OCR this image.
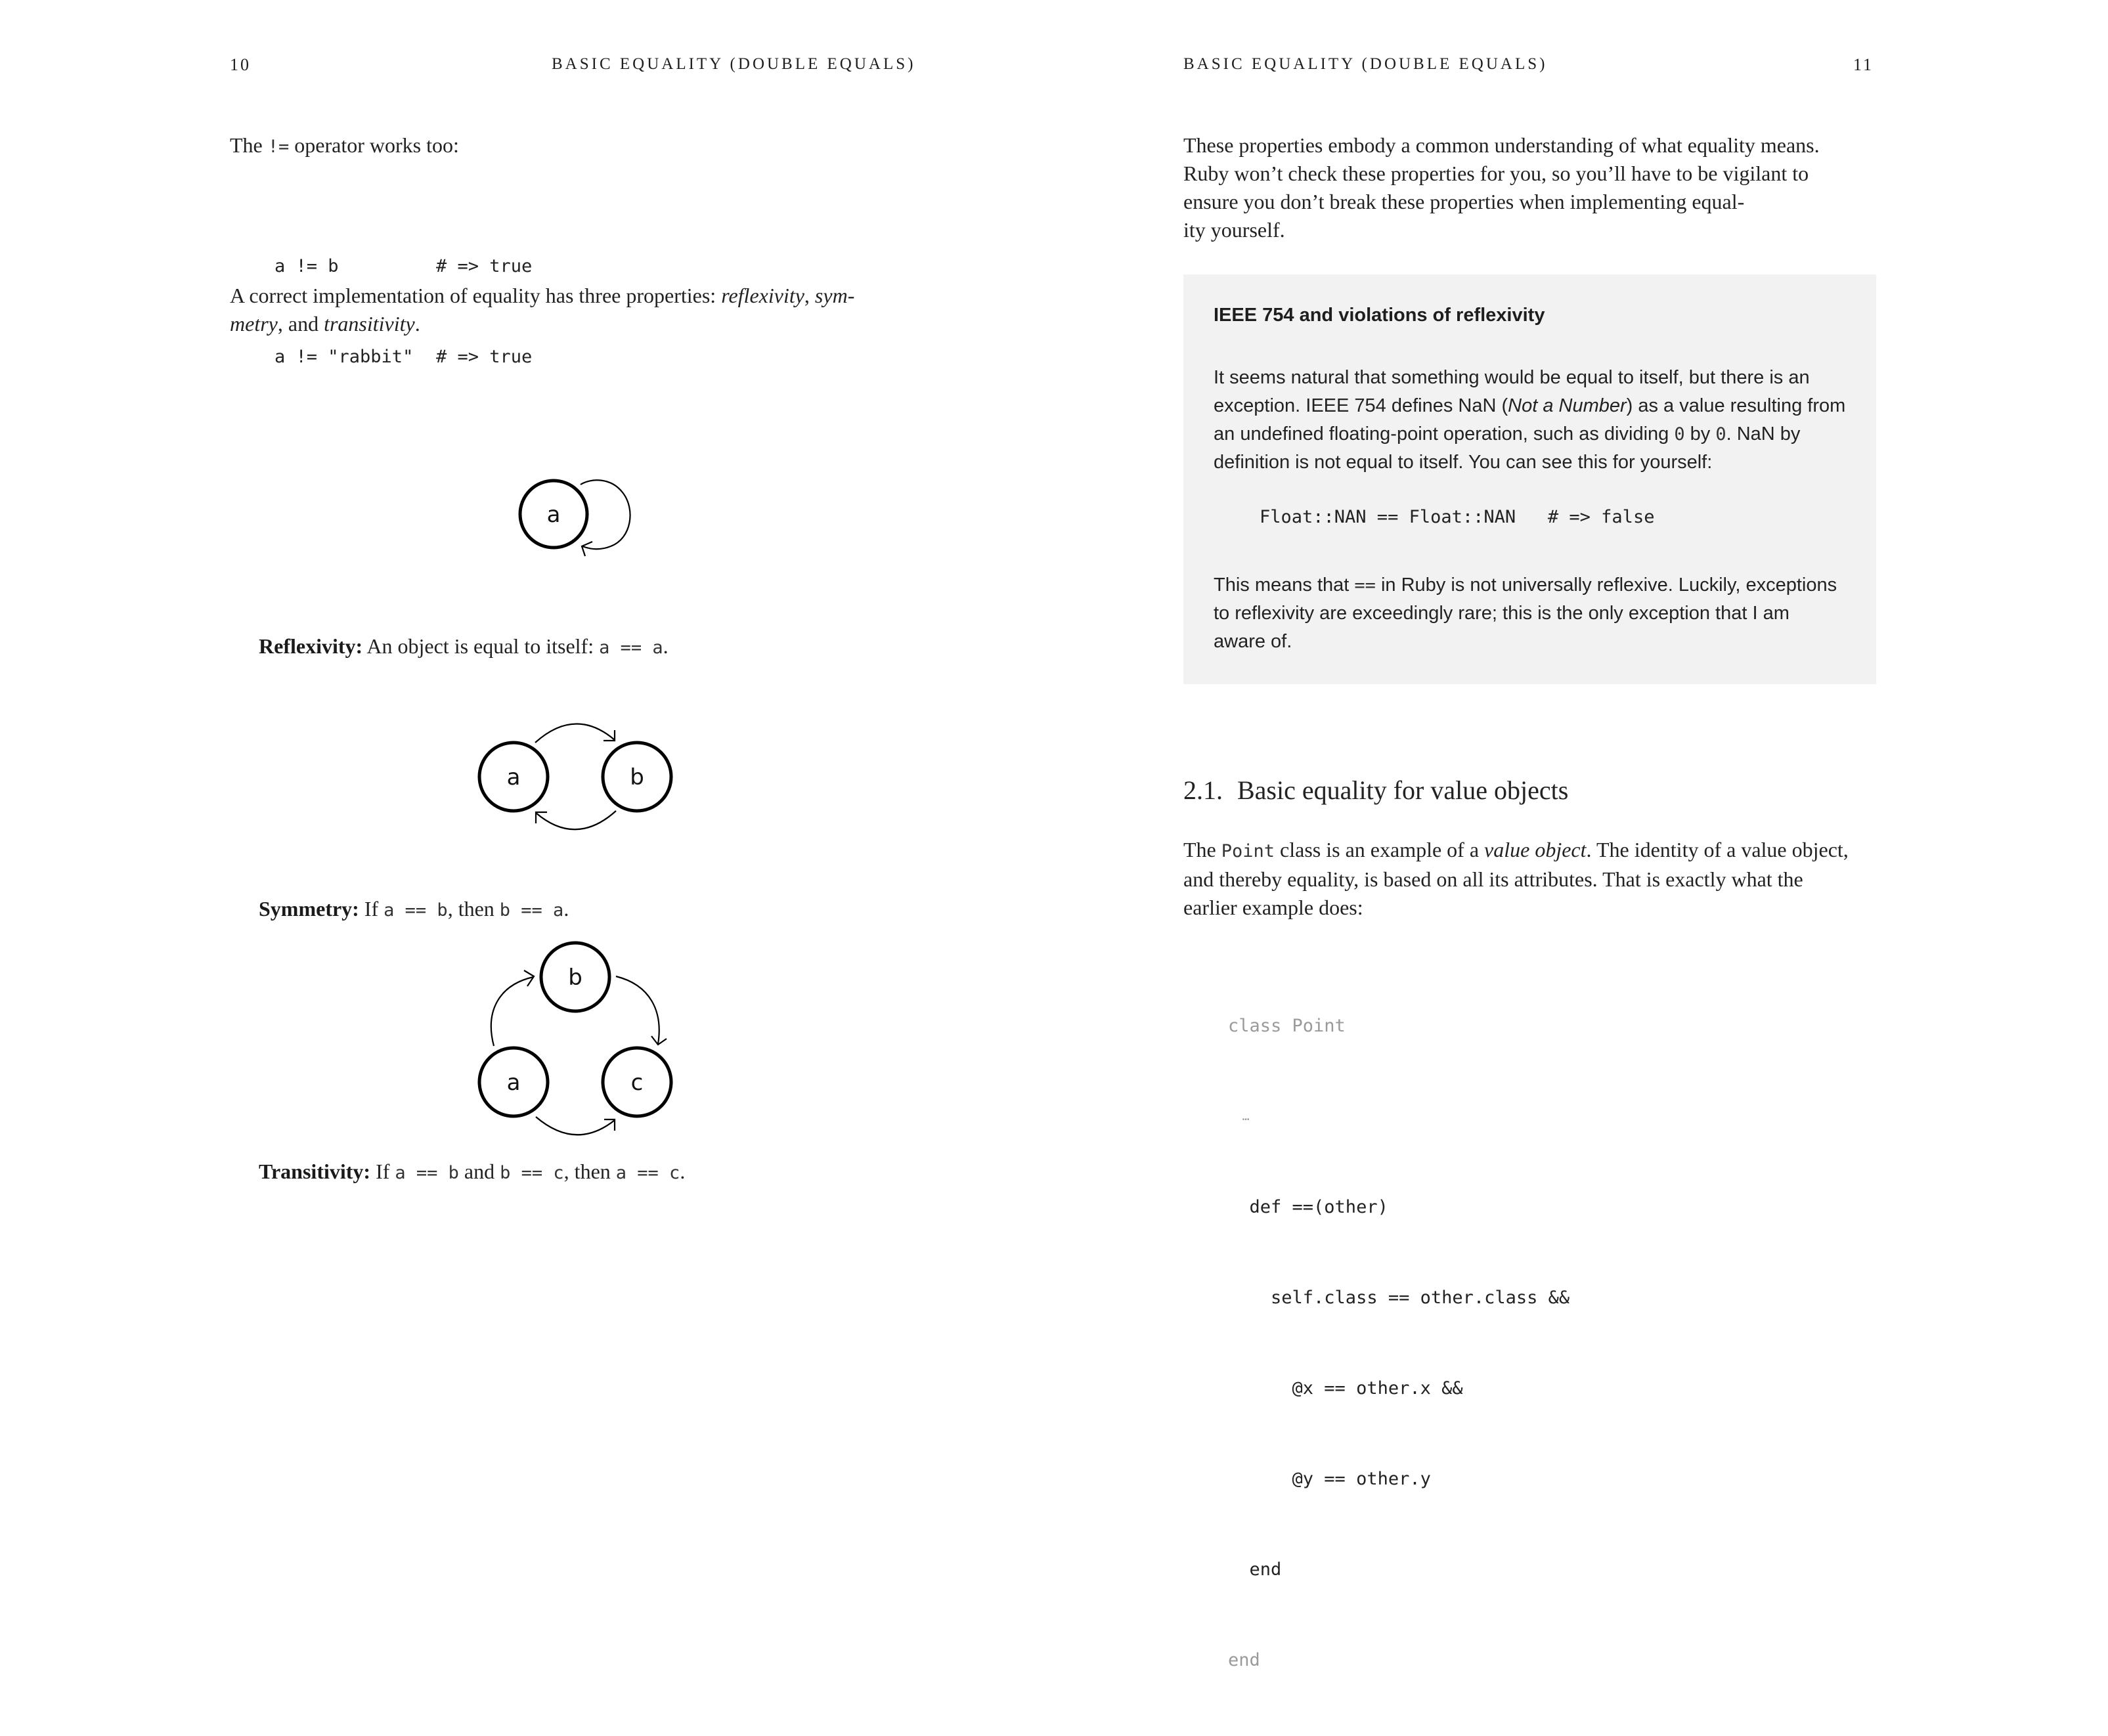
10	BASIC EQUALITY (DOUBLE EQUALS)
The != operator works too:

a != b	# => true

a != "rabbit" # => true

A correct implementation of equality has three properties: reflexivity, sym-
metry, and transitivity.
a
Reflexivity: An object is equal to itself: a == a.
a	b
Symmetry: If a == b, then b == a.
b
a	c
Transitivity: If a == b and b == c, then a == c.
BASIC EQUALITY (DOUBLE EQUALS)	11
These properties embody a common understanding of what equality means.
Ruby won’t check these properties for you, so you’ll have to be vigilant to
ensure you don’t break these properties when implementing equal-
ity yourself.
IEEE 754 and violations of reflexivity
It seems natural that something would be equal to itself, but there is an
exception. IEEE 754 defines NaN (Not a Number) as a value resulting from
an undefined floating-point operation, such as dividing 0 by 0. NaN by
definition is not equal to itself. You can see this for yourself:
Float::NAN == Float::NAN   # => false
This means that == in Ruby is not universally reflexive. Luckily, exceptions
to reflexivity are exceedingly rare; this is the only exception that I am
aware of.
2.1. Basic equality for value objects
The Point class is an example of a value object. The identity of a value object,
and thereby equality, is based on all its attributes. That is exactly what the
earlier example does:

class Point

…

def ==(other)

self.class == other.class &&

@x == other.x &&

@y == other.y

end

end
